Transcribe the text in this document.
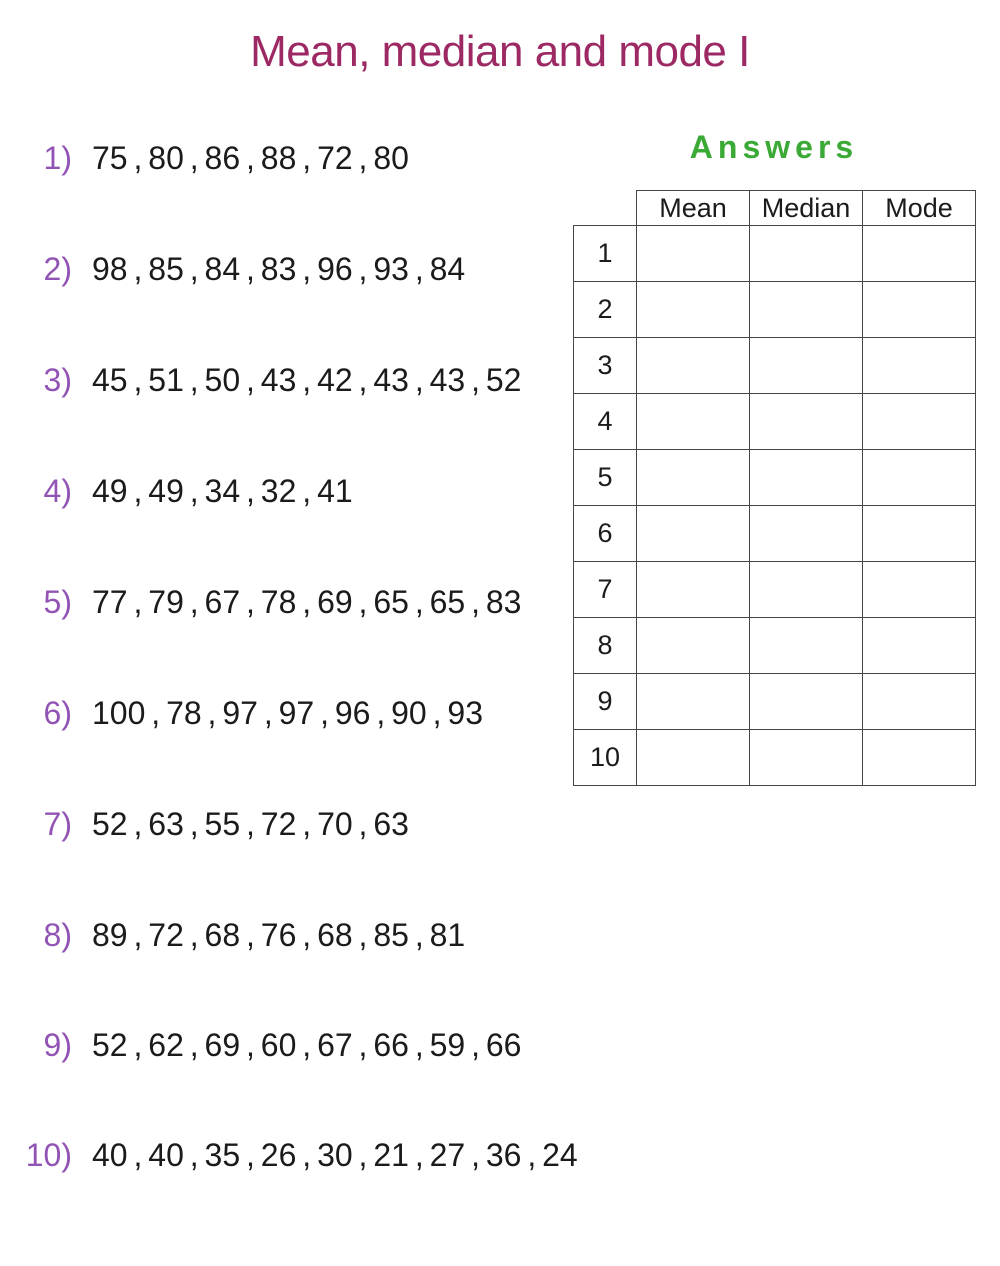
Mean, median and mode I
1) 75 , 80 , 86 , 88 , 72 , 80
2) 98 , 85 , 84 , 83 , 96 , 93 , 84
3) 45 , 51 , 50 , 43 , 42 , 43 , 43 , 52
4) 49 , 49 , 34 , 32 , 41
5) 77 , 79 , 67 , 78 , 69 , 65 , 65 , 83
6) 100 , 78 , 97 , 97 , 96 , 90 , 93
7) 52 , 63 , 55 , 72 , 70 , 63
8) 89 , 72 , 68 , 76 , 68 , 85 , 81
9) 52 , 62 , 69 , 60 , 67 , 66 , 59 , 66
10) 40 , 40 , 35 , 26 , 30 , 21 , 27 , 36 , 24
Answers
	Mean	Median	Mode
1			
2			
3			
4			
5			
6			
7			
8			
9			
10			
